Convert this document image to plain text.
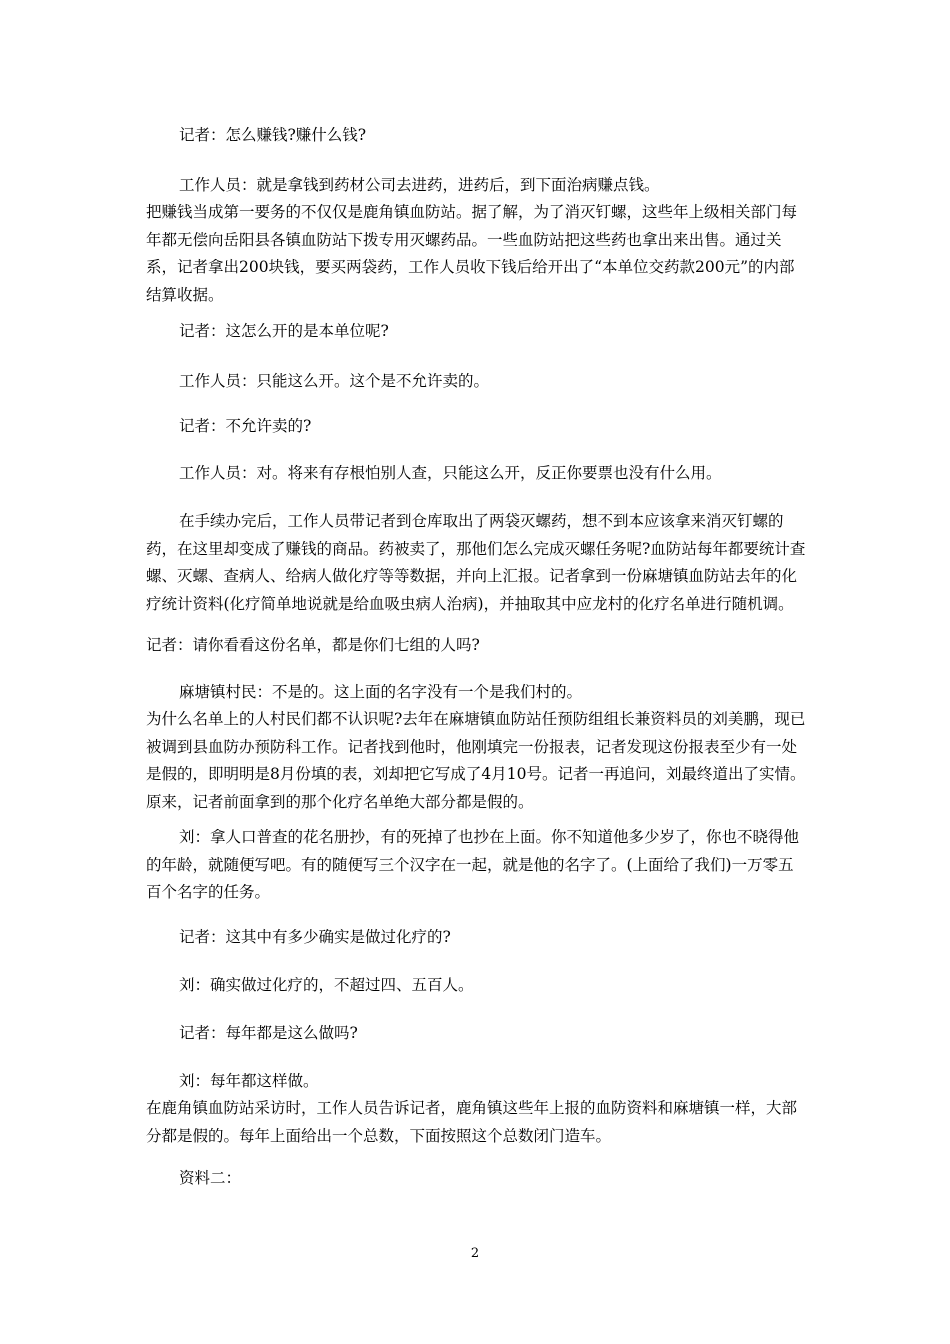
记者：怎么赚钱?赚什么钱?

工作人员：就是拿钱到药材公司去进药，进药后，到下面治病赚点钱。

把赚钱当成第一要务的不仅仅是鹿角镇血防站。据了解，为了消灭钉螺，这些年上级相关部门每年都无偿向岳阳县各镇血防站下拨专用灭螺药品。一些血防站把这些药也拿出来出售。通过关系，记者拿出200块钱，要买两袋药，工作人员收下钱后给开出了“本单位交药款200元”的内部结算收据。

记者：这怎么开的是本单位呢?

工作人员：只能这么开。这个是不允许卖的。

记者：不允许卖的?

工作人员：对。将来有存根怕别人查，只能这么开，反正你要票也没有什么用。

在手续办完后，工作人员带记者到仓库取出了两袋灭螺药，想不到本应该拿来消灭钉螺的药，在这里却变成了赚钱的商品。药被卖了，那他们怎么完成灭螺任务呢?血防站每年都要统计查螺、灭螺、查病人、给病人做化疗等等数据，并向上汇报。记者拿到一份麻塘镇血防站去年的化疗统计资料(化疗简单地说就是给血吸虫病人治病)，并抽取其中应龙村的化疗名单进行随机调。

记者：请你看看这份名单，都是你们七组的人吗?

麻塘镇村民：不是的。这上面的名字没有一个是我们村的。

为什么名单上的人村民们都不认识呢?去年在麻塘镇血防站任预防组组长兼资料员的刘美鹏，现已被调到县血防办预防科工作。记者找到他时，他刚填完一份报表，记者发现这份报表至少有一处是假的，即明明是8月份填的表，刘却把它写成了4月10号。记者一再追问，刘最终道出了实情。原来，记者前面拿到的那个化疗名单绝大部分都是假的。

刘：拿人口普查的花名册抄，有的死掉了也抄在上面。你不知道他多少岁了，你也不晓得他的年龄，就随便写吧。有的随便写三个汉字在一起，就是他的名字了。(上面给了我们)一万零五百个名字的任务。

记者：这其中有多少确实是做过化疗的?

刘：确实做过化疗的，不超过四、五百人。

记者：每年都是这么做吗?

刘：每年都这样做。

在鹿角镇血防站采访时，工作人员告诉记者，鹿角镇这些年上报的血防资料和麻塘镇一样，大部分都是假的。每年上面给出一个总数，下面按照这个总数闭门造车。

资料二：

2
